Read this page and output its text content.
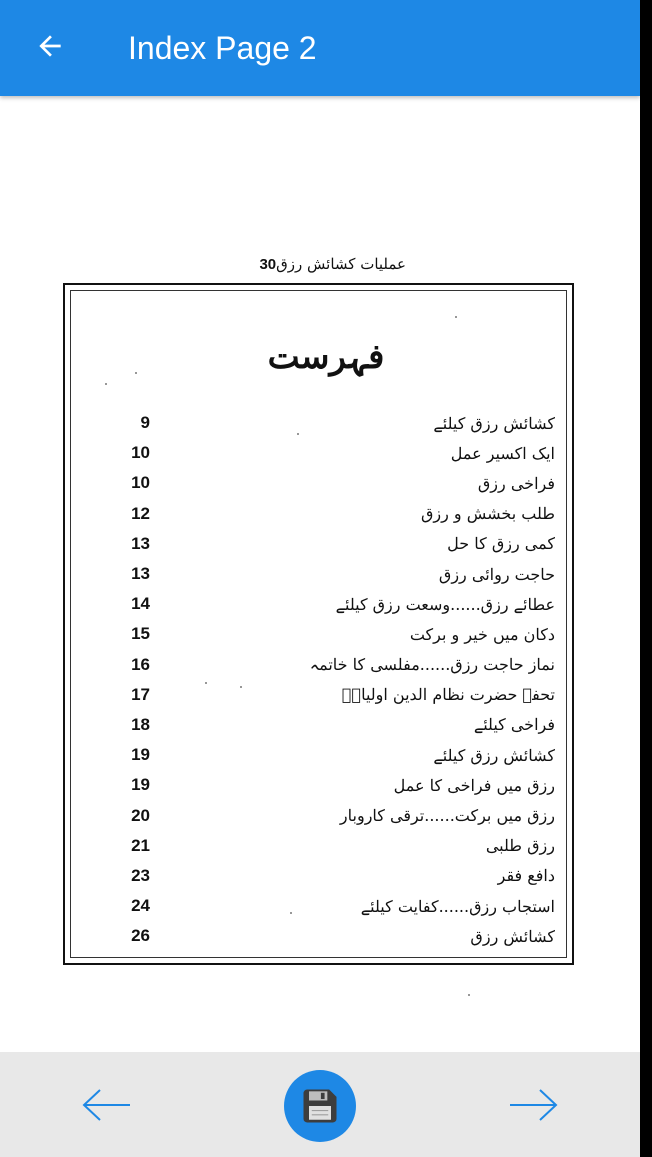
Index Page 2
عملیات کشائش رزق30
فہرست
9	کشائش رزق کیلئے
10	ایک اکسیر عمل
10	فراخی رزق
12	طلب بخشش و رزق
13	کمی رزق کا حل
13	حاجت روائی رزق
14	عطائے رزق......وسعت رزق کیلئے
15	دکان میں خیر و برکت
16	نماز حاجت رزق......مفلسی کا خاتمہ
17	تحفہ حضرت نظام الدین اولیاءؒ
18	فراخی کیلئے
19	کشائش رزق کیلئے
19	رزق میں فراخی کا عمل
20	رزق میں برکت......ترقی کاروبار
21	رزق طلبی
23	دافع فقر
24	استجاب رزق......کفایت کیلئے
26	کشائش رزق
